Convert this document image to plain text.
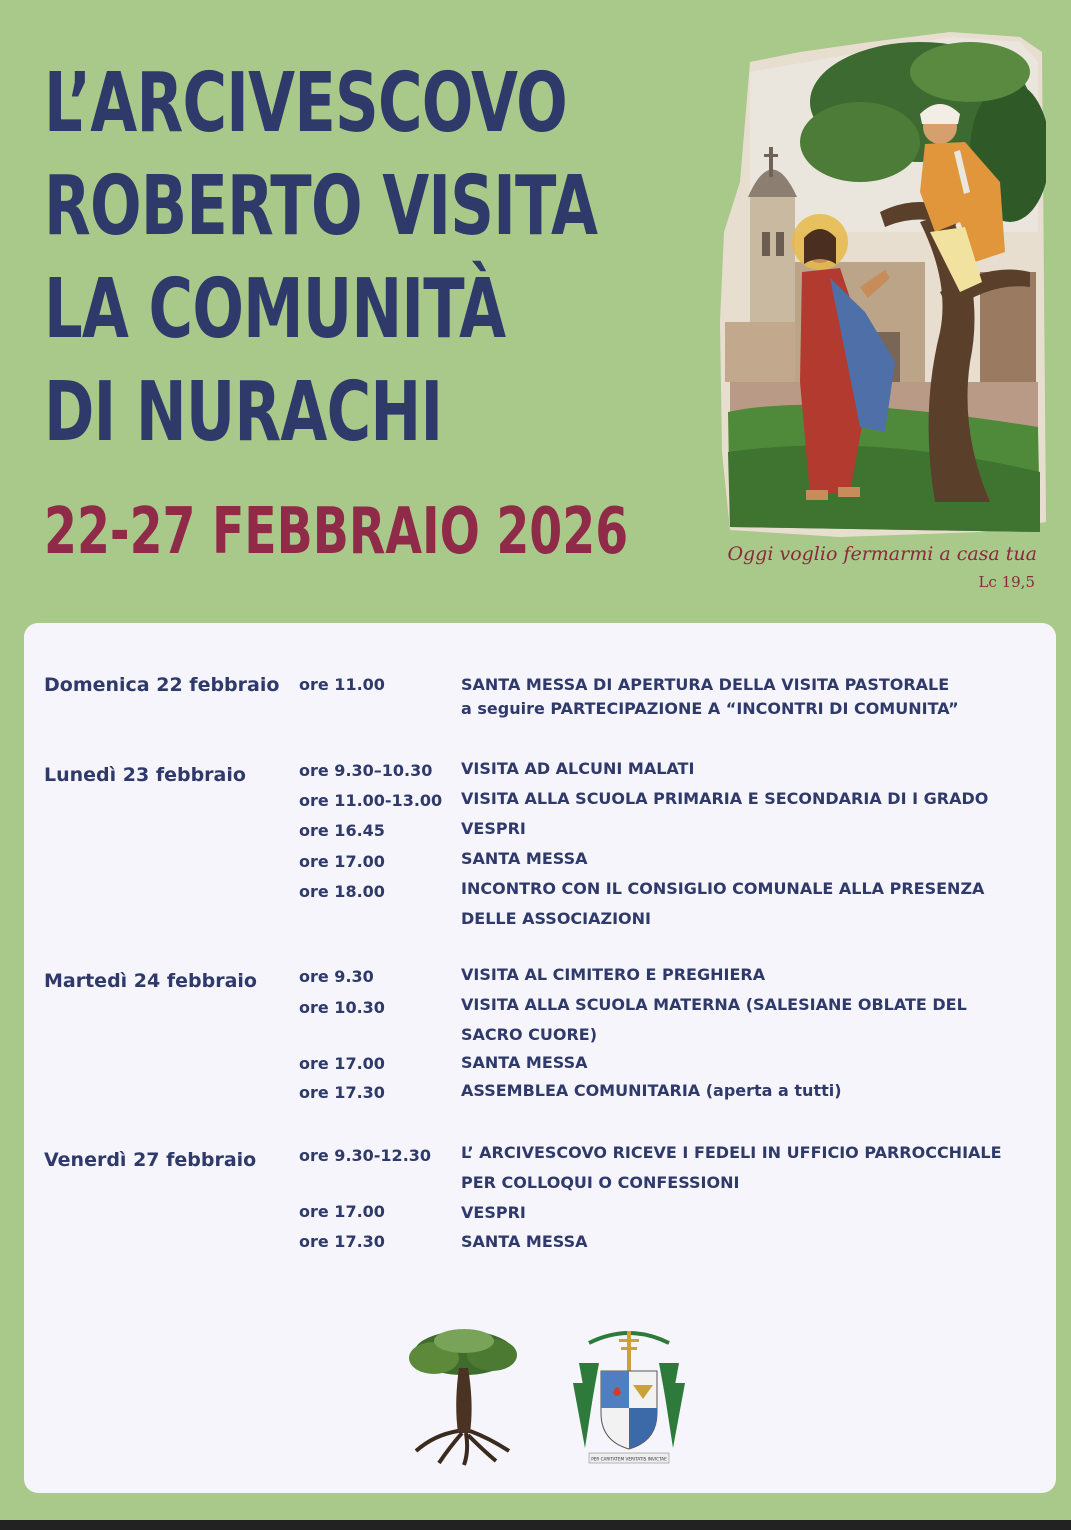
L’ARCIVESCOVO
ROBERTO VISITA
LA COMUNITÀ
DI NURACHI
22-27 FEBBRAIO 2026	Oggi voglio fermarmi a casa tua
Lc 19,5
Domenica 22 febbraio ore 11.00	SANTA MESSA DI APERTURA DELLA VISITA PASTORALE
a seguire PARTECIPAZIONE A “INCONTRI DI COMUNITA”
Lunedì 23 febbraio	ore 9.30–10.30 VISITA AD ALCUNI MALATI
ore 11.00-13.00 VISITA ALLA SCUOLA PRIMARIA E SECONDARIA DI I GRADO
ore 16.45	VESPRI
ore 17.00	SANTA MESSA
ore 18.00	INCONTRO CON IL CONSIGLIO COMUNALE ALLA PRESENZA
DELLE ASSOCIAZIONI
Martedì 24 febbraio	ore 9.30	VISITA AL CIMITERO E PREGHIERA
ore 10.30	VISITA ALLA SCUOLA MATERNA (SALESIANE OBLATE DEL
SACRO CUORE)
ore 17.00	SANTA MESSA
ore 17.30	ASSEMBLEA COMUNITARIA (aperta a tutti)
Venerdì 27 febbraio	ore 9.30-12.30 L’ ARCIVESCOVO RICEVE I FEDELI IN UFFICIO PARROCCHIALE
PER COLLOQUI O CONFESSIONI
ore 17.00	VESPRI
ore 17.30	SANTA MESSA
PER CARITATEM VERITATIS INVICTAE
